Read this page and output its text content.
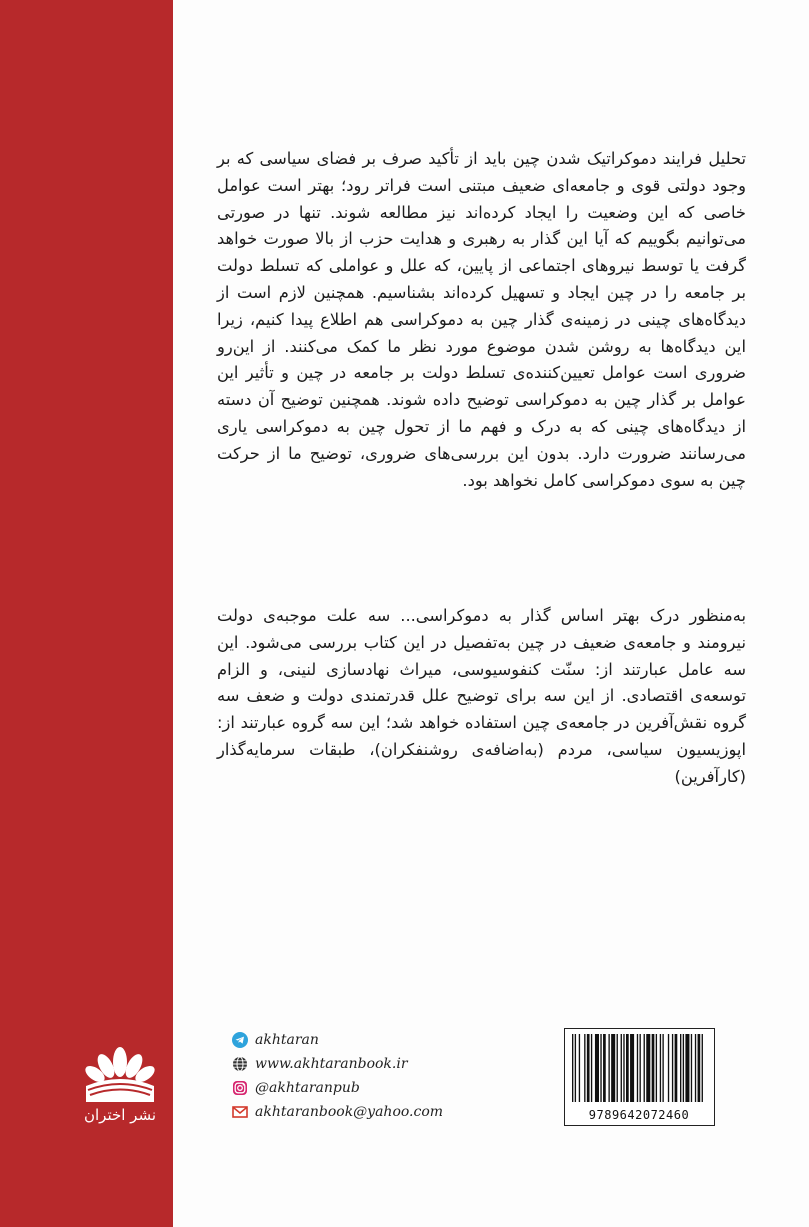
نشر اختران

تحلیل فرایند دموکراتیک شدن چین باید از تأکید صرف بر فضای سیاسی که بر وجود دولتی قوی و جامعه‌ای ضعیف مبتنی است فراتر رود؛ بهتر است عوامل خاصی که این وضعیت را ایجاد کرده‌اند نیز مطالعه شوند. تنها در صورتی می‌توانیم بگوییم که آیا این گذار به رهبری و هدایت حزب از بالا صورت خواهد گرفت یا توسط نیروهای اجتماعی از پایین، که علل و عواملی که تسلط دولت بر جامعه را در چین ایجاد و تسهیل کرده‌اند بشناسیم. همچنین لازم است از دیدگاه‌های چینی در زمینه‌ی گذار چین به دموکراسی هم اطلاع پیدا کنیم، زیرا این دیدگاه‌ها به روشن شدن موضوع مورد نظر ما کمک می‌کنند. از این‌رو ضروری است عوامل تعیین‌کننده‌ی تسلط دولت بر جامعه در چین و تأثیر این عوامل بر گذار چین به دموکراسی توضیح داده شوند. همچنین توضیح آن دسته از دیدگاه‌های چینی که به درک و فهم ما از تحول چین به دموکراسی یاری می‌رسانند ضرورت دارد. بدون این بررسی‌های ضروری، توضیح ما از حرکت چین به سوی دموکراسی کامل نخواهد بود.

به‌منظور درک بهتر اساس گذار به دموکراسی... سه علت موجبه‌ی دولت نیرومند و جامعه‌ی ضعیف در چین به‌تفصیل در این کتاب بررسی می‌شود. این سه عامل عبارتند از: سنّت کنفوسیوسی، میراث نهادسازی لنینی، و الزام توسعه‌ی اقتصادی. از این سه برای توضیح علل قدرتمندی دولت و ضعف سه گروه نقش‌آفرین در جامعه‌ی چین استفاده خواهد شد؛ این سه گروه عبارتند از: اپوزیسیون سیاسی، مردم (به‌اضافه‌ی روشنفکران)، طبقات سرمایه‌گذار (کارآفرین)

akhtaran
www.akhtaranbook.ir
@akhtaranpub
akhtaranbook@yahoo.com	9789642072460
